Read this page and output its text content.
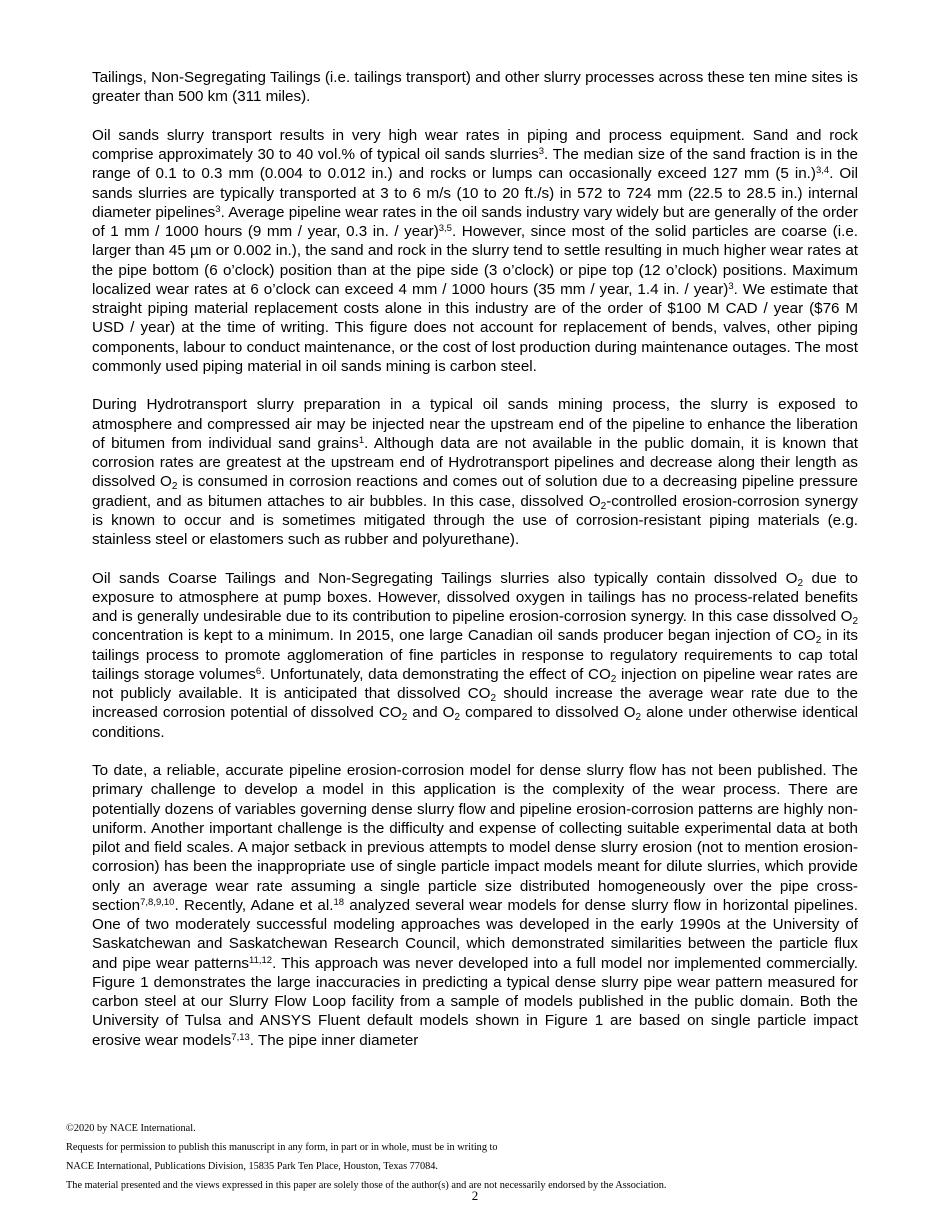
Tailings, Non-Segregating Tailings (i.e. tailings transport) and other slurry processes across these ten mine sites is greater than 500 km (311 miles).

Oil sands slurry transport results in very high wear rates in piping and process equipment. Sand and rock comprise approximately 30 to 40 vol.% of typical oil sands slurries$^3$. The median size of the sand fraction is in the range of 0.1 to 0.3 mm (0.004 to 0.012 in.) and rocks or lumps can occasionally exceed 127 mm (5 in.)$^{3,4}$. Oil sands slurries are typically transported at 3 to 6 m/s (10 to 20 ft./s) in 572 to 724 mm (22.5 to 28.5 in.) internal diameter pipelines$^3$. Average pipeline wear rates in the oil sands industry vary widely but are generally of the order of 1 mm / 1000 hours (9 mm / year, 0.3 in. / year)$^{3,5}$. However, since most of the solid particles are coarse (i.e. larger than 45 µm or 0.002 in.), the sand and rock in the slurry tend to settle resulting in much higher wear rates at the pipe bottom (6 o’clock) position than at the pipe side (3 o’clock) or pipe top (12 o’clock) positions. Maximum localized wear rates at 6 o’clock can exceed 4 mm / 1000 hours (35 mm / year, 1.4 in. / year)$^3$. We estimate that straight piping material replacement costs alone in this industry are of the order of $100 M CAD / year ($76 M USD / year) at the time of writing. This figure does not account for replacement of bends, valves, other piping components, labour to conduct maintenance, or the cost of lost production during maintenance outages. The most commonly used piping material in oil sands mining is carbon steel.

During Hydrotransport slurry preparation in a typical oil sands mining process, the slurry is exposed to atmosphere and compressed air may be injected near the upstream end of the pipeline to enhance the liberation of bitumen from individual sand grains$^1$. Although data are not available in the public domain, it is known that corrosion rates are greatest at the upstream end of Hydrotransport pipelines and decrease along their length as dissolved $O_2$ is consumed in corrosion reactions and comes out of solution due to a decreasing pipeline pressure gradient, and as bitumen attaches to air bubbles. In this case, dissolved $O_2$-controlled erosion-corrosion synergy is known to occur and is sometimes mitigated through the use of corrosion-resistant piping materials (e.g. stainless steel or elastomers such as rubber and polyurethane).

Oil sands Coarse Tailings and Non-Segregating Tailings slurries also typically contain dissolved $O_2$ due to exposure to atmosphere at pump boxes. However, dissolved oxygen in tailings has no process-related benefits and is generally undesirable due to its contribution to pipeline erosion-corrosion synergy. In this case dissolved $O_2$ concentration is kept to a minimum. In 2015, one large Canadian oil sands producer began injection of $CO_2$ in its tailings process to promote agglomeration of fine particles in response to regulatory requirements to cap total tailings storage volumes$^6$. Unfortunately, data demonstrating the effect of $CO_2$ injection on pipeline wear rates are not publicly available. It is anticipated that dissolved $CO_2$ should increase the average wear rate due to the increased corrosion potential of dissolved $CO_2$ and $O_2$ compared to dissolved $O_2$ alone under otherwise identical conditions.

To date, a reliable, accurate pipeline erosion-corrosion model for dense slurry flow has not been published. The primary challenge to develop a model in this application is the complexity of the wear process. There are potentially dozens of variables governing dense slurry flow and pipeline erosion-corrosion patterns are highly non-uniform. Another important challenge is the difficulty and expense of collecting suitable experimental data at both pilot and field scales. A major setback in previous attempts to model dense slurry erosion (not to mention erosion-corrosion) has been the inappropriate use of single particle impact models meant for dilute slurries, which provide only an average wear rate assuming a single particle size distributed homogeneously over the pipe cross-section$^{7,8,9,10}$. Recently, Adane et al.$^{18}$ analyzed several wear models for dense slurry flow in horizontal pipelines. One of two moderately successful modeling approaches was developed in the early 1990s at the University of Saskatchewan and Saskatchewan Research Council, which demonstrated similarities between the particle flux and pipe wear patterns$^{11,12}$. This approach was never developed into a full model nor implemented commercially. Figure 1 demonstrates the large inaccuracies in predicting a typical dense slurry pipe wear pattern measured for carbon steel at our Slurry Flow Loop facility from a sample of models published in the public domain. Both the University of Tulsa and ANSYS Fluent default models shown in Figure 1 are based on single particle impact erosive wear models$^{7,13}$. The pipe inner diameter

©2020 by NACE International.

Requests for permission to publish this manuscript in any form, in part or in whole, must be in writing to

NACE International, Publications Division, 15835 Park Ten Place, Houston, Texas 77084.

The material presented and the views expressed in this paper are solely those of the author(s) and are not necessarily endorsed by the Association.

2
